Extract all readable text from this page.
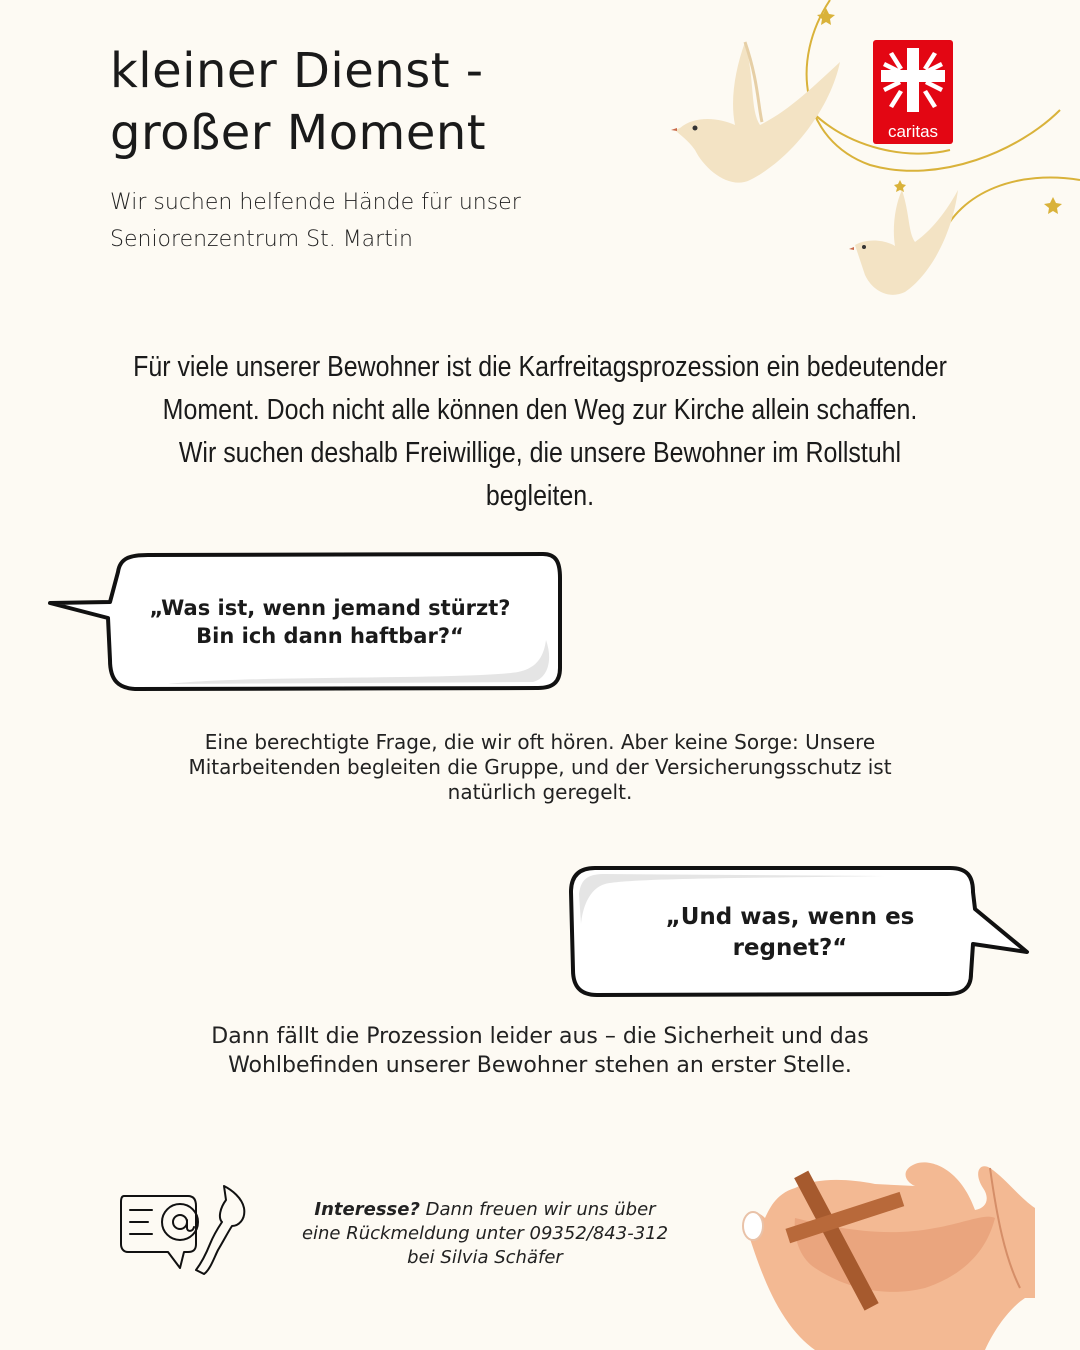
kleiner Dienst -
großer Moment
Wir suchen helfende Hände für unser
Seniorenzentrum St. Martin
caritas
Für viele unserer Bewohner ist die Karfreitagsprozession ein bedeutender
Moment. Doch nicht alle können den Weg zur Kirche allein schaffen.
Wir suchen deshalb Freiwillige, die unsere Bewohner im Rollstuhl begleiten.
„Was ist, wenn jemand stürzt?
Bin ich dann haftbar?“
Eine berechtigte Frage, die wir oft hören. Aber keine Sorge: Unsere
Mitarbeitenden begleiten die Gruppe, und der Versicherungsschutz ist
natürlich geregelt.
„Und was, wenn es
regnet?“
Dann fällt die Prozession leider aus – die Sicherheit und das
Wohlbefinden unserer Bewohner stehen an erster Stelle.
Interesse? Dann freuen wir uns über
eine Rückmeldung unter 09352/843-312
bei Silvia Schäfer
